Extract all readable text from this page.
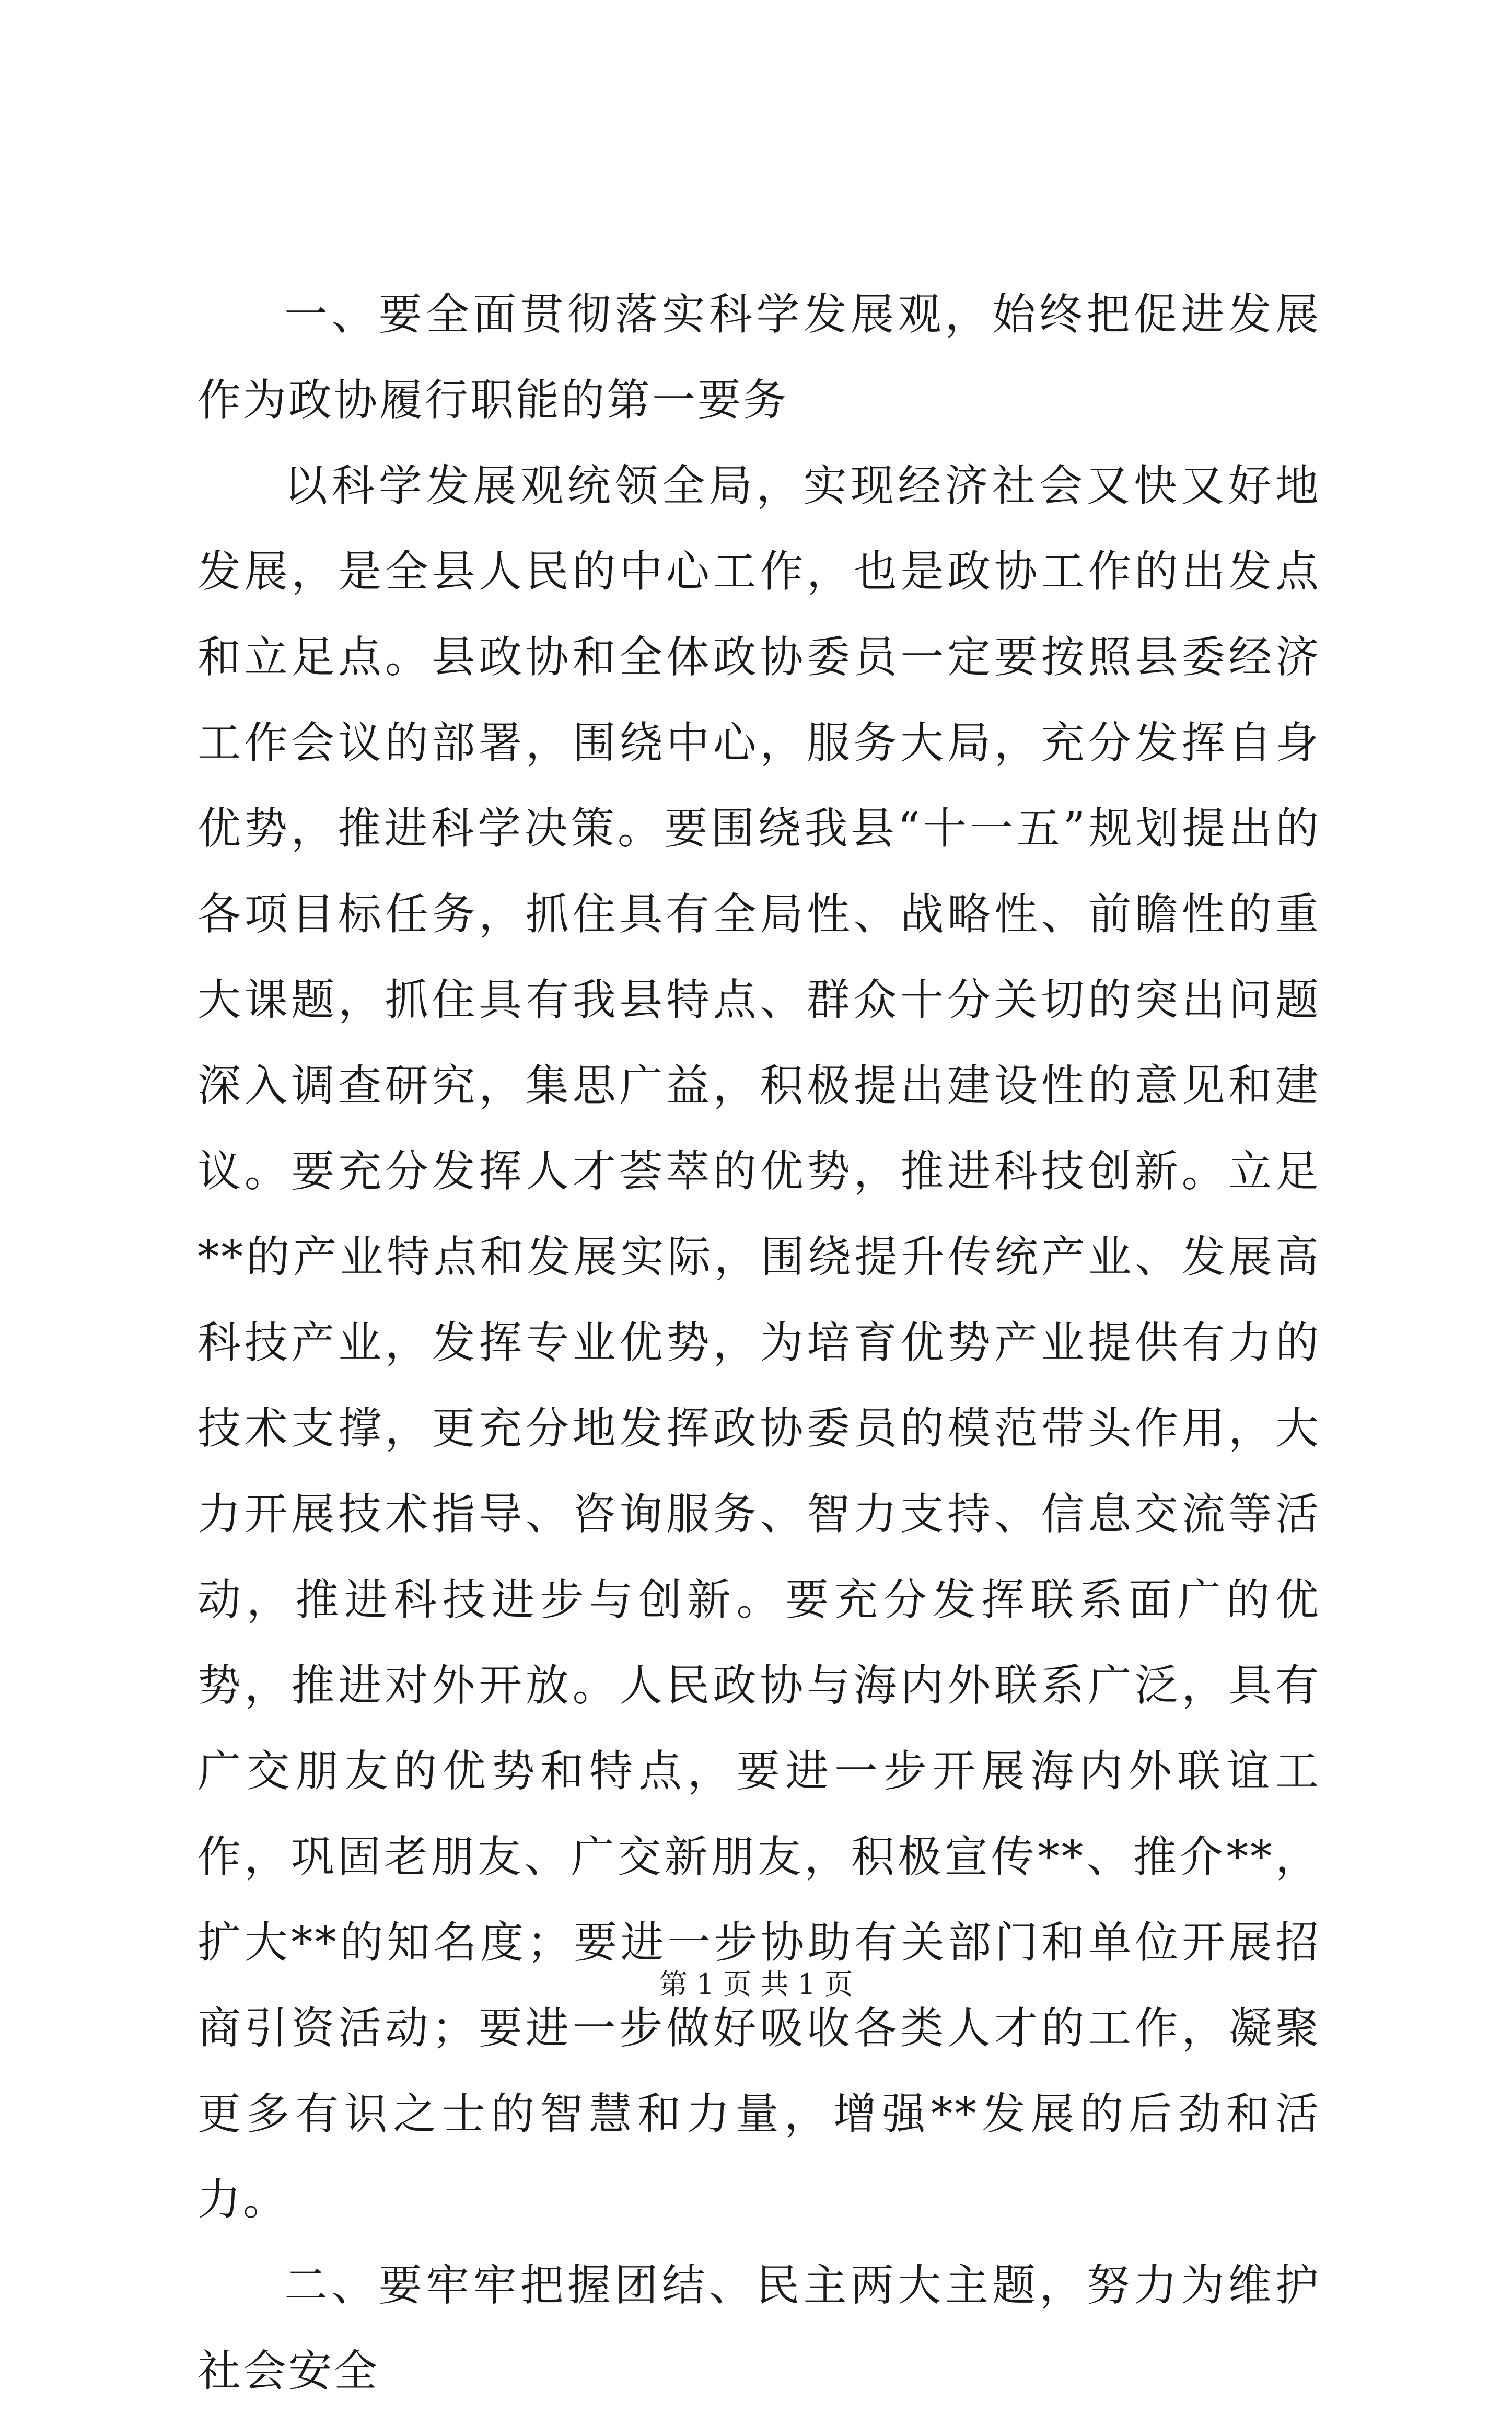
一、要全面贯彻落实科学发展观，始终把促进发展作为政协履行职能的第一要务

以科学发展观统领全局，实现经济社会又快又好地发展，是全县人民的中心工作，也是政协工作的出发点和立足点。县政协和全体政协委员一定要按照县委经济工作会议的部署，围绕中心，服务大局，充分发挥自身优势，推进科学决策。要围绕我县“十一五”规划提出的各项目标任务，抓住具有全局性、战略性、前瞻性的重大课题，抓住具有我县特点、群众十分关切的突出问题深入调查研究，集思广益，积极提出建设性的意见和建议。要充分发挥人才荟萃的优势，推进科技创新。立足**的产业特点和发展实际，围绕提升传统产业、发展高科技产业，发挥专业优势，为培育优势产业提供有力的技术支撑，更充分地发挥政协委员的模范带头作用，大力开展技术指导、咨询服务、智力支持、信息交流等活动，推进科技进步与创新。要充分发挥联系面广的优势，推进对外开放。人民政协与海内外联系广泛，具有广交朋友的优势和特点，要进一步开展海内外联谊工作，巩固老朋友、广交新朋友，积极宣传**、推介**，扩大**的知名度；要进一步协助有关部门和单位开展招商引资活动；要进一步做好吸收各类人才的工作，凝聚更多有识之士的智慧和力量，增强**发展的后劲和活力。

二、要牢牢把握团结、民主两大主题，努力为维护社会安全

第 1 页 共 1 页
